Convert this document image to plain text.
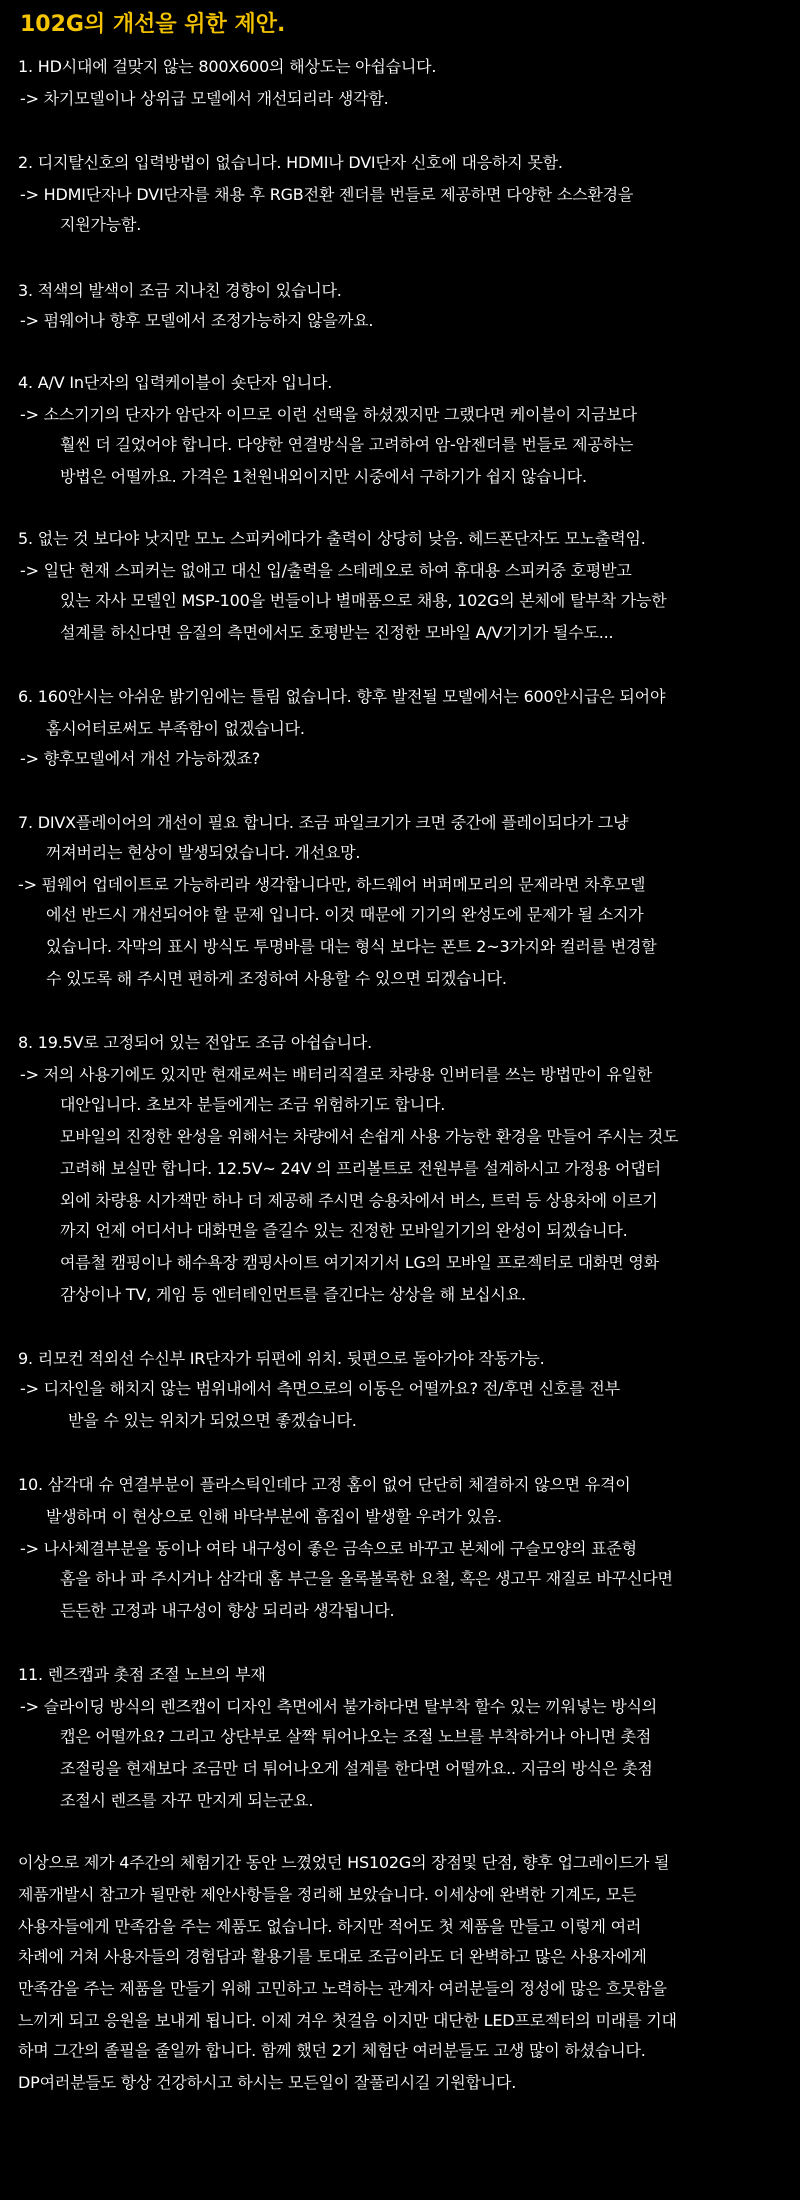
102G의 개선을 위한 제안.
1. HD시대에 걸맞지 않는 800X600의 해상도는 아쉽습니다.
-> 차기모델이나 상위급 모델에서 개선되리라 생각함.
2. 디지탈신호의 입력방법이 없습니다. HDMI나 DVI단자 신호에 대응하지 못함.
-> HDMI단자나 DVI단자를 채용 후 RGB전환 젠더를 번들로 제공하면 다양한 소스환경을
지원가능함.
3. 적색의 발색이 조금 지나친 경향이 있습니다.
-> 펌웨어나 향후 모델에서 조정가능하지 않을까요.
4. A/V In단자의 입력케이블이 숏단자 입니다.
-> 소스기기의 단자가 암단자 이므로 이런 선택을 하셨겠지만 그랬다면 케이블이 지금보다
훨씬 더 길었어야 합니다. 다양한 연결방식을 고려하여 암-암젠더를 번들로 제공하는
방법은 어떨까요. 가격은 1천원내외이지만 시중에서 구하기가 쉽지 않습니다.
5. 없는 것 보다야 낫지만 모노 스피커에다가 출력이 상당히 낮음. 헤드폰단자도 모노출력임.
-> 일단 현재 스피커는 없애고 대신 입/출력을 스테레오로 하여 휴대용 스피커중 호평받고
있는 자사 모델인 MSP-100을 번들이나 별매품으로 채용, 102G의 본체에 탈부착 가능한
설계를 하신다면 음질의 측면에서도 호평받는 진정한 모바일 A/V기기가 될수도...
6. 160안시는 아쉬운 밝기임에는 틀림 없습니다. 향후 발전될 모델에서는 600안시급은 되어야
홈시어터로써도 부족함이 없겠습니다.
-> 향후모델에서 개선 가능하겠죠?
7. DIVX플레이어의 개선이 필요 합니다. 조금 파일크기가 크면 중간에 플레이되다가 그냥
꺼져버리는 현상이 발생되었습니다. 개선요망.
-> 펌웨어 업데이트로 가능하리라 생각합니다만, 하드웨어 버퍼메모리의 문제라면 차후모델
에선 반드시 개선되어야 할 문제 입니다. 이것 때문에 기기의 완성도에 문제가 될 소지가
있습니다. 자막의 표시 방식도 투명바를 대는 형식 보다는 폰트 2~3가지와 컬러를 변경할
수 있도록 해 주시면 편하게 조정하여 사용할 수 있으면 되겠습니다.
8. 19.5V로 고정되어 있는 전압도 조금 아쉽습니다.
-> 저의 사용기에도 있지만 현재로써는 배터리직결로 차량용 인버터를 쓰는 방법만이 유일한
대안입니다. 초보자 분들에게는 조금 위험하기도 합니다.
모바일의 진정한 완성을 위해서는 차량에서 손쉽게 사용 가능한 환경을 만들어 주시는 것도
고려해 보실만 합니다. 12.5V~ 24V 의 프리볼트로 전원부를 설계하시고 가정용 어댑터
외에 차량용 시가잭만 하나 더 제공해 주시면 승용차에서 버스, 트럭 등 상용차에 이르기
까지 언제 어디서나 대화면을 즐길수 있는 진정한 모바일기기의 완성이 되겠습니다.
여름철 캠핑이나 해수욕장 캠핑사이트 여기저기서 LG의 모바일 프로젝터로 대화면 영화
감상이나 TV, 게임 등 엔터테인먼트를 즐긴다는 상상을 해 보십시요.
9. 리모컨 적외선 수신부 IR단자가 뒤편에 위치. 뒷편으로 돌아가야 작동가능.
-> 디자인을 해치지 않는 범위내에서 측면으로의 이동은 어떨까요? 전/후면 신호를 전부
받을 수 있는 위치가 되었으면 좋겠습니다.
10. 삼각대 슈 연결부분이 플라스틱인데다 고정 홈이 없어 단단히 체결하지 않으면 유격이
발생하며 이 현상으로 인해 바닥부분에 흠집이 발생할 우려가 있음.
-> 나사체결부분을 동이나 여타 내구성이 좋은 금속으로 바꾸고 본체에 구슬모양의 표준형
홈을 하나 파 주시거나 삼각대 홈 부근을 올록볼록한 요철, 혹은 생고무 재질로 바꾸신다면
든든한 고정과 내구성이 향상 되리라 생각됩니다.
11. 렌즈캡과 촛점 조절 노브의 부재
-> 슬라이딩 방식의 렌즈캡이 디자인 측면에서 불가하다면 탈부착 할수 있는 끼워넣는 방식의
캡은 어떨까요? 그리고 상단부로 살짝 튀어나오는 조절 노브를 부착하거나 아니면 촛점
조절링을 현재보다 조금만 더 튀어나오게 설계를 한다면 어떨까요.. 지금의 방식은 촛점
조절시 렌즈를 자꾸 만지게 되는군요.
이상으로 제가 4주간의 체험기간 동안 느꼈었던 HS102G의 장점및 단점, 향후 업그레이드가 될
제품개발시 참고가 될만한 제안사항들을 정리해 보았습니다. 이세상에 완벽한 기계도, 모든
사용자들에게 만족감을 주는 제품도 없습니다. 하지만 적어도 첫 제품을 만들고 이렇게 여러
차례에 거쳐 사용자들의 경험담과 활용기를 토대로 조금이라도 더 완벽하고 많은 사용자에게
만족감을 주는 제품을 만들기 위해 고민하고 노력하는 관계자 여러분들의 정성에 많은 흐뭇함을
느끼게 되고 응원을 보내게 됩니다. 이제 겨우 첫걸음 이지만 대단한 LED프로젝터의 미래를 기대
하며 그간의 졸필을 줄일까 합니다. 함께 했던 2기 체험단 여러분들도 고생 많이 하셨습니다.
DP여러분들도 항상 건강하시고 하시는 모든일이 잘풀리시길 기원합니다.
